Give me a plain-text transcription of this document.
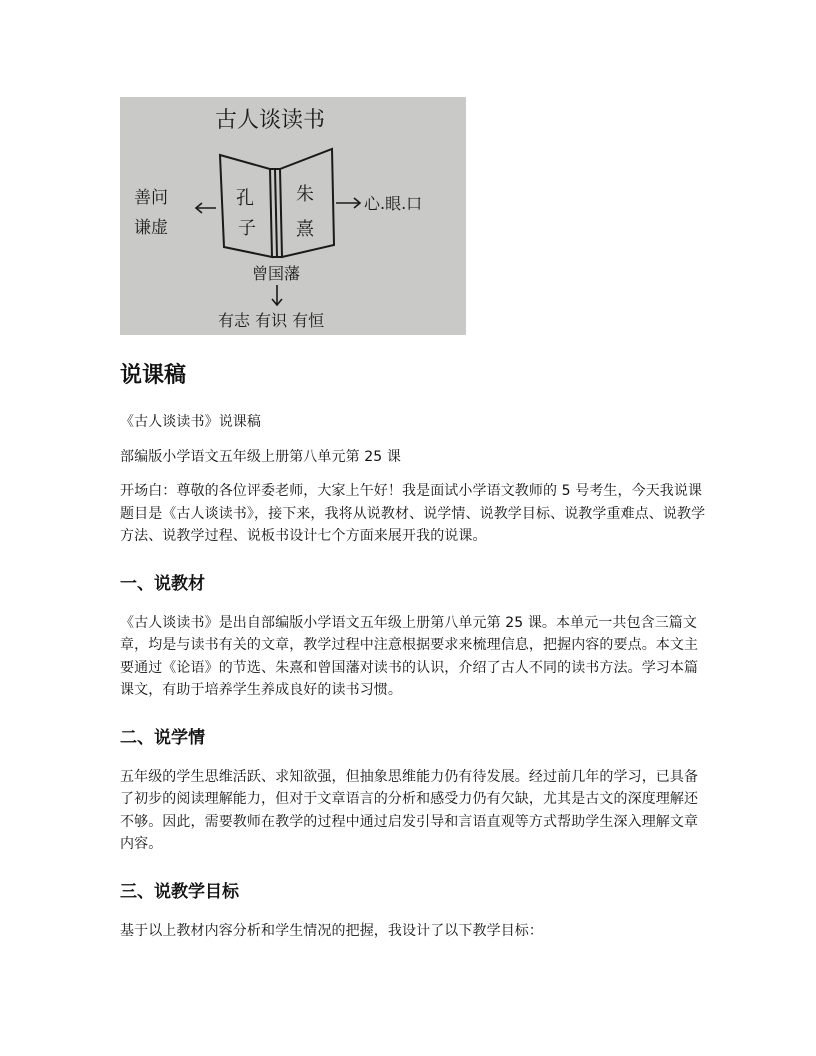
古人谈读书
孔
子
朱
熹
善问
谦虚
心.眼.口
曾国藩
有志 有识 有恒
说课稿

《古人谈读书》说课稿

部编版小学语文五年级上册第八单元第 25 课

开场白：尊敬的各位评委老师，大家上午好！我是面试小学语文教师的 5 号考生，今天我说课题目是《古人谈读书》，接下来，我将从说教材、说学情、说教学目标、说教学重难点、说教学方法、说教学过程、说板书设计七个方面来展开我的说课。

一、说教材

《古人谈读书》是出自部编版小学语文五年级上册第八单元第 25 课。本单元一共包含三篇文章，均是与读书有关的文章，教学过程中注意根据要求来梳理信息，把握内容的要点。本文主要通过《论语》的节选、朱熹和曾国藩对读书的认识，介绍了古人不同的读书方法。学习本篇课文，有助于培养学生养成良好的读书习惯。

二、说学情

五年级的学生思维活跃、求知欲强，但抽象思维能力仍有待发展。经过前几年的学习，已具备了初步的阅读理解能力，但对于文章语言的分析和感受力仍有欠缺，尤其是古文的深度理解还不够。因此，需要教师在教学的过程中通过启发引导和言语直观等方式帮助学生深入理解文章内容。

三、说教学目标

基于以上教材内容分析和学生情况的把握，我设计了以下教学目标：
